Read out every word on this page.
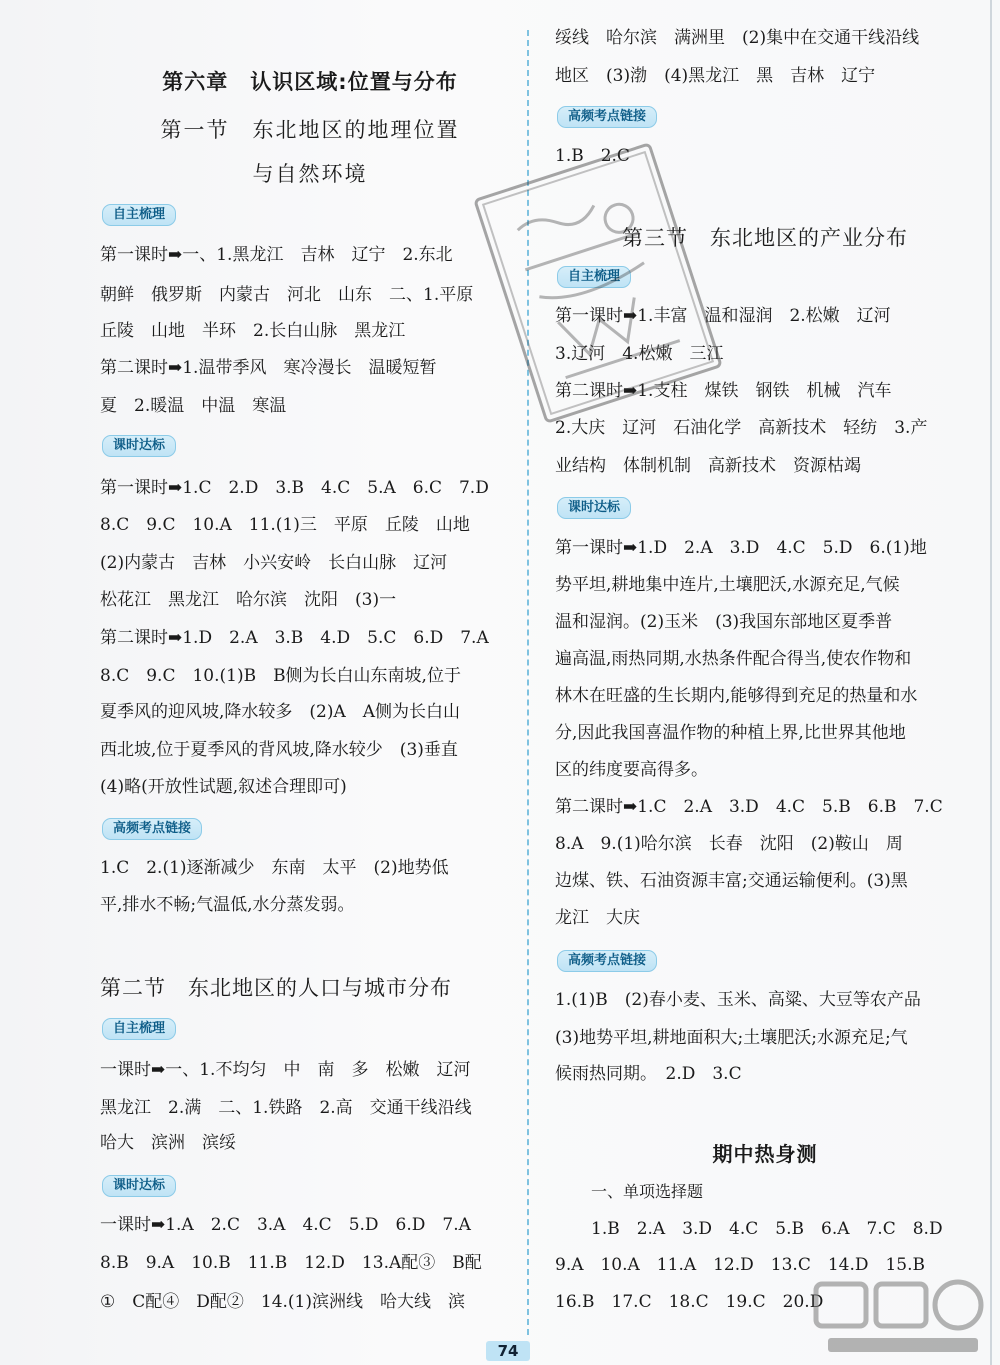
第六章　认识区域:位置与分布
第一节　东北地区的地理位置
与自然环境
自主梳理
第一课时➡一、1.黑龙江　吉林　辽宁　2.东北
朝鲜　俄罗斯　内蒙古　河北　山东　二、1.平原
丘陵　山地　半环　2.长白山脉　黑龙江
第二课时➡1.温带季风　寒冷漫长　温暖短暂
夏　2.暖温　中温　寒温
课时达标
第一课时➡1.C　2.D　3.B　4.C　5.A　6.C　7.D
8.C　9.C　10.A　11.(1)三　平原　丘陵　山地
(2)内蒙古　吉林　小兴安岭　长白山脉　辽河
松花江　黑龙江　哈尔滨　沈阳　(3)一
第二课时➡1.D　2.A　3.B　4.D　5.C　6.D　7.A
8.C　9.C　10.(1)B　B侧为长白山东南坡,位于
夏季风的迎风坡,降水较多　(2)A　A侧为长白山
西北坡,位于夏季风的背风坡,降水较少　(3)垂直
(4)略(开放性试题,叙述合理即可)
高频考点链接
1.C　2.(1)逐渐减少　东南　太平　(2)地势低
平,排水不畅;气温低,水分蒸发弱。
第二节　东北地区的人口与城市分布
自主梳理
一课时➡一、1.不均匀　中　南　多　松嫩　辽河
黑龙江　2.满　二、1.铁路　2.高　交通干线沿线
哈大　滨洲　滨绥
课时达标
一课时➡1.A　2.C　3.A　4.C　5.D　6.D　7.A
8.B　9.A　10.B　11.B　12.D　13.A配③　B配
①　C配④　D配②　14.(1)滨洲线　哈大线　滨
绥线　哈尔滨　满洲里　(2)集中在交通干线沿线
地区　(3)渤　(4)黑龙江　黑　吉林　辽宁
高频考点链接
1.B　2.C
第三节　东北地区的产业分布
自主梳理
第一课时➡1.丰富　温和湿润　2.松嫩　辽河
3.辽河　4.松嫩　三江
第二课时➡1.支柱　煤铁　钢铁　机械　汽车
2.大庆　辽河　石油化学　高新技术　轻纺　3.产
业结构　体制机制　高新技术　资源枯竭
课时达标
第一课时➡1.D　2.A　3.D　4.C　5.D　6.(1)地
势平坦,耕地集中连片,土壤肥沃,水源充足,气候
温和湿润。(2)玉米　(3)我国东部地区夏季普
遍高温,雨热同期,水热条件配合得当,使农作物和
林木在旺盛的生长期内,能够得到充足的热量和水
分,因此我国喜温作物的种植上界,比世界其他地
区的纬度要高得多。
第二课时➡1.C　2.A　3.D　4.C　5.B　6.B　7.C
8.A　9.(1)哈尔滨　长春　沈阳　(2)鞍山　周
边煤、铁、石油资源丰富;交通运输便利。(3)黑
龙江　大庆
高频考点链接
1.(1)B　(2)春小麦、玉米、高粱、大豆等农产品
(3)地势平坦,耕地面积大;土壤肥沃;水源充足;气
候雨热同期。　2.D　3.C
期中热身测
一、单项选择题
1.B　2.A　3.D　4.C　5.B　6.A　7.C　8.D
9.A　10.A　11.A　12.D　13.C　14.D　15.B
16.B　17.C　18.C　19.C　20.D
74
